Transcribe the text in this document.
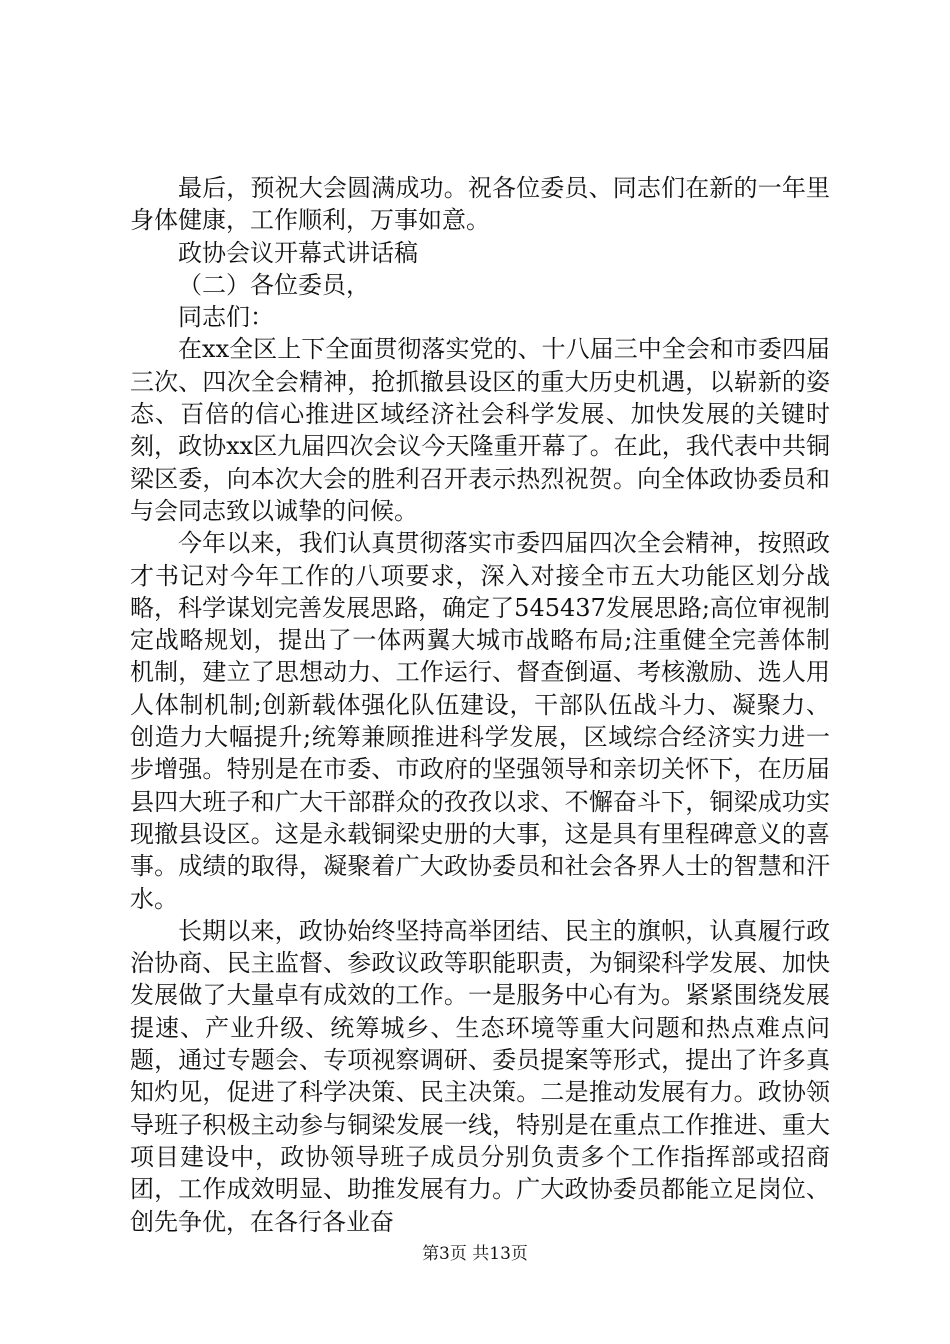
最后，预祝大会圆满成功。祝各位委员、同志们在新的一年里身体健康，工作顺利，万事如意。

政协会议开幕式讲话稿

（二）各位委员，

同志们：

在xx全区上下全面贯彻落实党的、十八届三中全会和市委四届三次、四次全会精神，抢抓撤县设区的重大历史机遇，以崭新的姿态、百倍的信心推进区域经济社会科学发展、加快发展的关键时刻，政协xx区九届四次会议今天隆重开幕了。在此，我代表中共铜梁区委，向本次大会的胜利召开表示热烈祝贺。向全体政协委员和与会同志致以诚挚的问候。

今年以来，我们认真贯彻落实市委四届四次全会精神，按照政才书记对今年工作的八项要求，深入对接全市五大功能区划分战略，科学谋划完善发展思路，确定了545437发展思路;高位审视制定战略规划，提出了一体两翼大城市战略布局;注重健全完善体制机制，建立了思想动力、工作运行、督查倒逼、考核激励、选人用人体制机制;创新载体强化队伍建设，干部队伍战斗力、凝聚力、创造力大幅提升;统筹兼顾推进科学发展，区域综合经济实力进一步增强。特别是在市委、市政府的坚强领导和亲切关怀下，在历届县四大班子和广大干部群众的孜孜以求、不懈奋斗下，铜梁成功实现撤县设区。这是永载铜梁史册的大事，这是具有里程碑意义的喜事。成绩的取得，凝聚着广大政协委员和社会各界人士的智慧和汗水。

长期以来，政协始终坚持高举团结、民主的旗帜，认真履行政治协商、民主监督、参政议政等职能职责，为铜梁科学发展、加快发展做了大量卓有成效的工作。一是服务中心有为。紧紧围绕发展提速、产业升级、统筹城乡、生态环境等重大问题和热点难点问题，通过专题会、专项视察调研、委员提案等形式，提出了许多真知灼见，促进了科学决策、民主决策。二是推动发展有力。政协领导班子积极主动参与铜梁发展一线，特别是在重点工作推进、重大项目建设中，政协领导班子成员分别负责多个工作指挥部或招商团，工作成效明显、助推发展有力。广大政协委员都能立足岗位、创先争优，在各行各业奋

第3页 共13页
